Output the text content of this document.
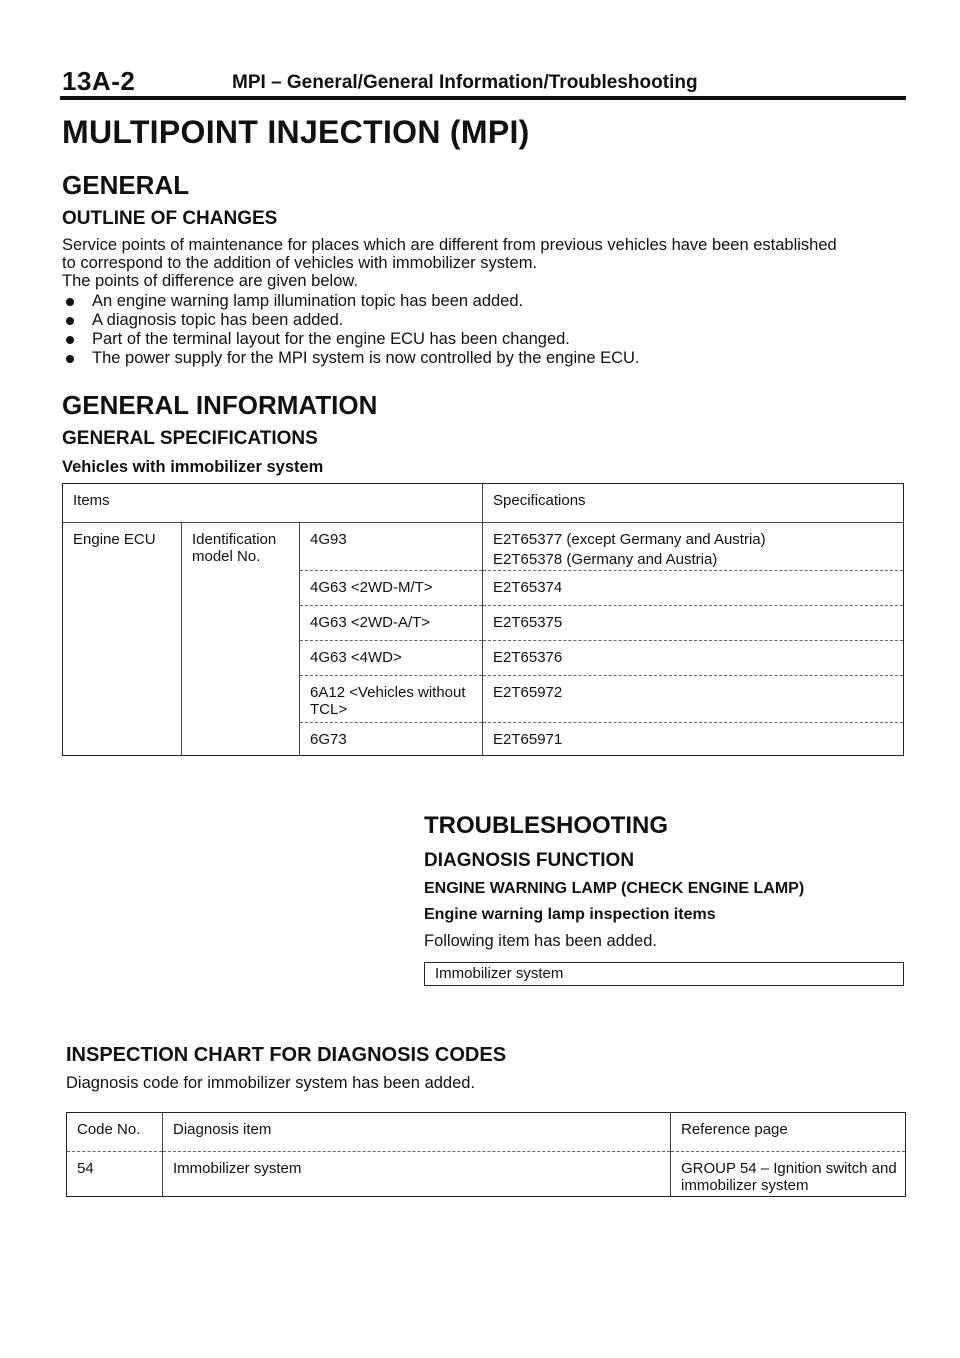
13A-2	MPI – General/General Information/Troubleshooting
MULTIPOINT INJECTION (MPI)
GENERAL
OUTLINE OF CHANGES
Service points of maintenance for places which are different from previous vehicles have been established
to correspond to the addition of vehicles with immobilizer system.
The points of difference are given below.
An engine warning lamp illumination topic has been added.
A diagnosis topic has been added.
Part of the terminal layout for the engine ECU has been changed.
The power supply for the MPI system is now controlled by the engine ECU.
GENERAL INFORMATION
GENERAL SPECIFICATIONS
Vehicles with immobilizer system
Items			Specifications
Engine ECU	Identification model No.	4G93	E2T65377 (except Germany and Austria)
E2T65378 (Germany and Austria)

		4G63 <2WD-M/T>	E2T65374
		4G63 <2WD-A/T>	E2T65375
		4G63 <4WD>	E2T65376
		6A12 <Vehicles without TCL>	E2T65972
		6G73	E2T65971
TROUBLESHOOTING
DIAGNOSIS FUNCTION
ENGINE WARNING LAMP (CHECK ENGINE LAMP)
Engine warning lamp inspection items
Following item has been added.
Immobilizer system
INSPECTION CHART FOR DIAGNOSIS CODES
Diagnosis code for immobilizer system has been added.
Code No.	Diagnosis item	Reference page
54	Immobilizer system	GROUP 54 – Ignition switch and immobilizer system
